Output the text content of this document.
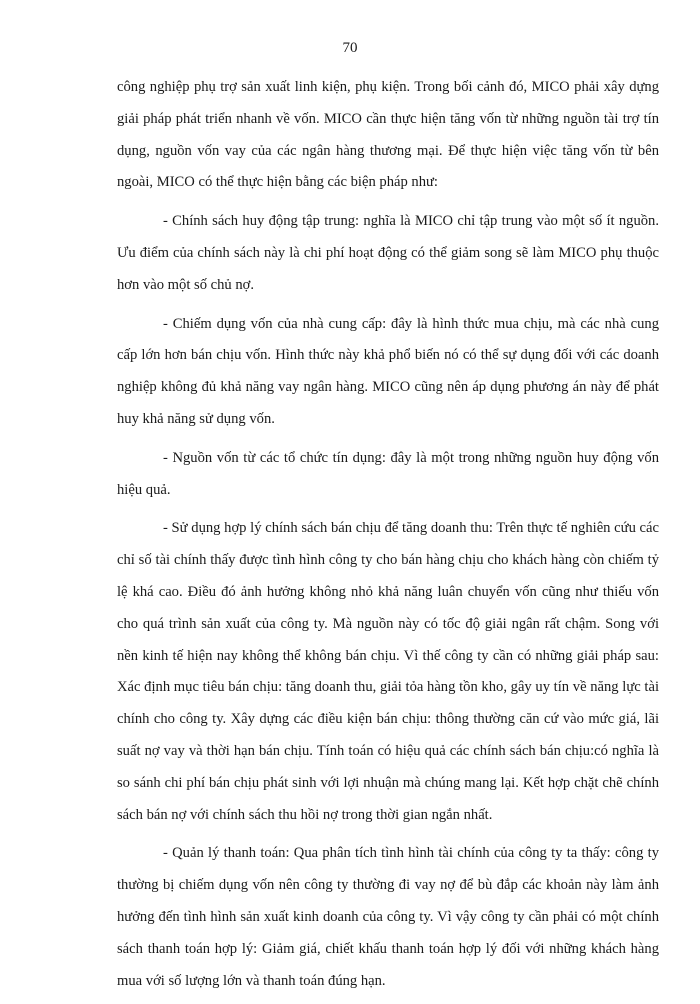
70

công nghiệp phụ trợ sản xuất linh kiện, phụ kiện. Trong bối cảnh đó, MICO phải xây dựng giải pháp phát triển nhanh về vốn. MICO cần thực hiện tăng vốn từ những nguồn tài trợ tín dụng, nguồn vốn vay của các ngân hàng thương mại. Để thực hiện việc tăng vốn từ bên ngoài, MICO có thể thực hiện bằng các biện pháp như:

- Chính sách huy động tập trung: nghĩa là MICO chỉ tập trung vào một số ít nguồn. Ưu điểm của chính sách này là chi phí hoạt động có thể giảm song sẽ làm MICO phụ thuộc hơn vào một số chủ nợ.

- Chiếm dụng vốn của nhà cung cấp: đây là hình thức mua chịu, mà các nhà cung cấp lớn hơn bán chịu vốn. Hình thức này khả phổ biến nó có thể sự dụng đối với các doanh nghiệp không đủ khả năng vay ngân hàng. MICO cũng nên áp dụng phương án này để phát huy khả năng sử dụng vốn.

- Nguồn vốn từ các tổ chức tín dụng: đây là một trong những nguồn huy động vốn hiệu quả.

- Sử dụng hợp lý chính sách bán chịu để tăng doanh thu: Trên thực tế nghiên cứu các chỉ số tài chính thấy được tình hình công ty cho bán hàng chịu cho khách hàng còn chiếm tỷ lệ khá cao. Điều đó ảnh hưởng không nhỏ khả năng luân chuyển vốn cũng như thiếu vốn cho quá trình sản xuất của công ty. Mà nguồn này có tốc độ giải ngân rất chậm. Song với nền kinh tế hiện nay không thể không bán chịu. Vì thế công ty cần có những giải pháp sau: Xác định mục tiêu bán chịu: tăng doanh thu, giải tỏa hàng tồn kho, gây uy tín về năng lực tài chính cho công ty. Xây dựng các điều kiện bán chịu: thông thường căn cứ vào mức giá, lãi suất nợ vay và thời hạn bán chịu. Tính toán có hiệu quả các chính sách bán chịu:có nghĩa là so sánh chi phí bán chịu phát sinh với lợi nhuận mà chúng mang lại. Kết hợp chặt chẽ chính sách bán nợ với chính sách thu hồi nợ trong thời gian ngắn nhất.

- Quản lý thanh toán: Qua phân tích tình hình tài chính của công ty ta thấy: công ty thường bị chiếm dụng vốn nên công ty thường đi vay nợ để bù đắp các khoản này làm ảnh hưởng đến tình hình sản xuất kinh doanh của công ty. Vì vậy công ty cần phải có một chính sách thanh toán hợp lý: Giảm giá, chiết khấu thanh toán hợp lý đối với những khách hàng mua với số lượng lớn và thanh toán đúng hạn.
